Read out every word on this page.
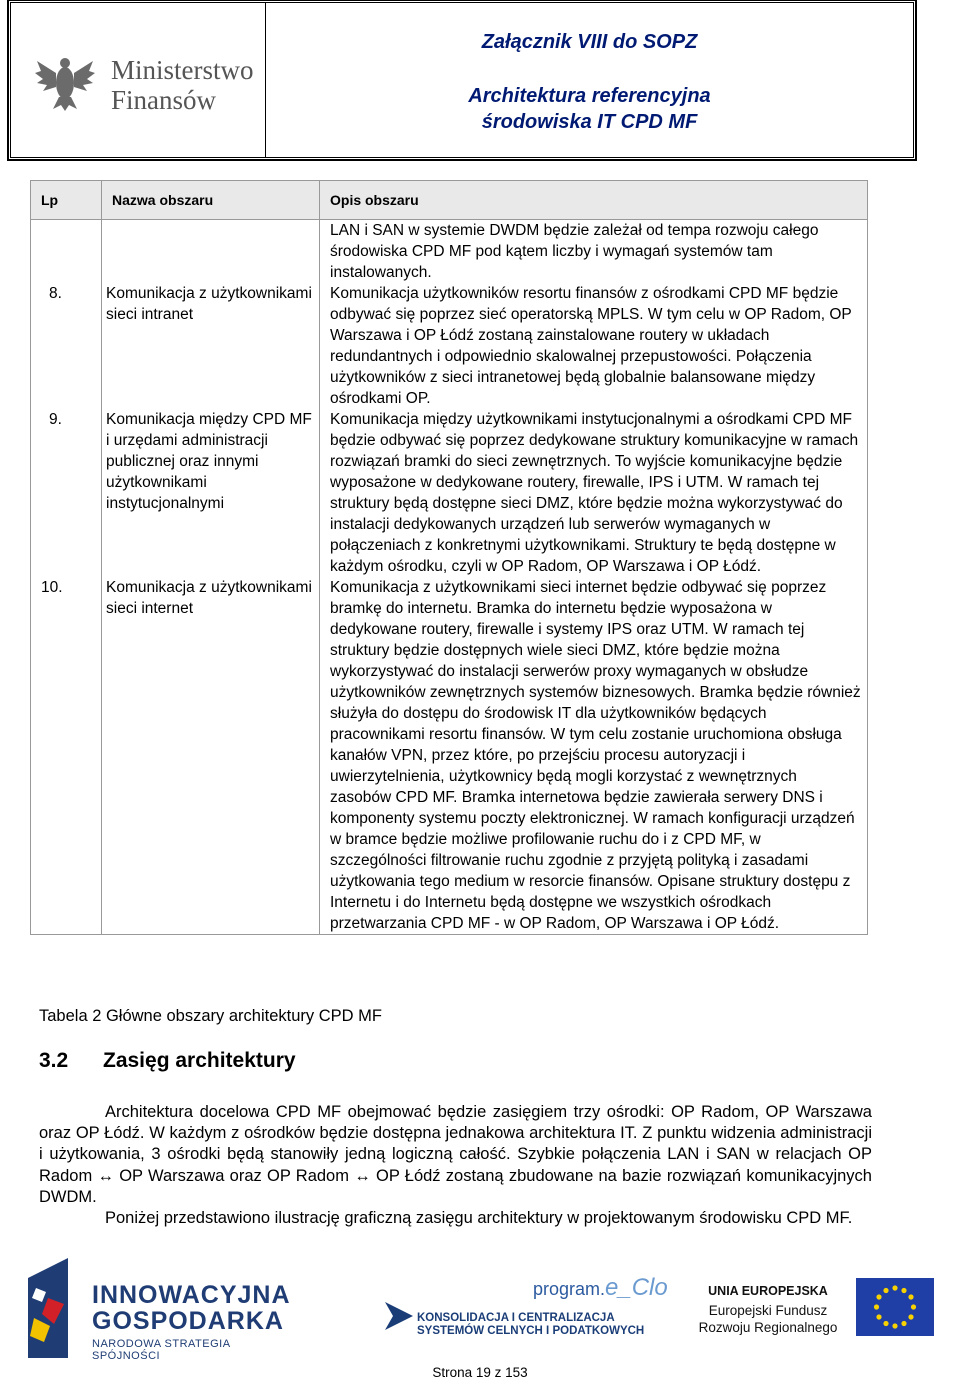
Ministerstwo
Finansów
Załącznik VIII do SOPZ
Architektura referencyjna
środowiska IT CPD MF
Lp	Nazwa obszaru	Opis obszaru
		LAN i SAN w systemie DWDM będzie zależał od tempa rozwoju całego środowiska CPD MF pod kątem liczby i wymagań systemów tam instalowanych.
8.	Komunikacja z użytkownikami sieci intranet	Komunikacja użytkowników resortu finansów z ośrodkami CPD MF będzie odbywać się poprzez sieć operatorską MPLS. W tym celu w OP Radom, OP Warszawa i OP Łódź zostaną zainstalowane routery w układach redundantnych i odpowiednio skalowalnej przepustowości. Połączenia użytkowników z sieci intranetowej będą globalnie balansowane między ośrodkami OP.
9.	Komunikacja między CPD MF i urzędami administracji publicznej oraz innymi użytkownikami instytucjonalnymi	Komunikacja między użytkownikami instytucjonalnymi a ośrodkami CPD MF będzie odbywać się poprzez dedykowane struktury komunikacyjne w ramach rozwiązań bramki do sieci zewnętrznych. To wyjście komunikacyjne będzie wyposażone w dedykowane routery, firewalle, IPS i UTM. W ramach tej struktury będą dostępne sieci DMZ, które będzie można wykorzystywać do instalacji dedykowanych urządzeń lub serwerów wymaganych w połączeniach z konkretnymi użytkownikami. Struktury te będą dostępne w każdym ośrodku, czyli w OP Radom, OP Warszawa i OP Łódź.
10.	Komunikacja z użytkownikami sieci internet	Komunikacja z użytkownikami sieci internet będzie odbywać się poprzez bramkę do internetu. Bramka do internetu będzie wyposażona w dedykowane routery, firewalle i systemy IPS oraz UTM. W ramach tej struktury będzie dostępnych wiele sieci DMZ, które będzie można wykorzystywać do instalacji serwerów proxy wymaganych w obsłudze użytkowników zewnętrznych systemów biznesowych. Bramka będzie również służyła do dostępu do środowisk IT dla użytkowników będących pracownikami resortu finansów. W tym celu zostanie uruchomiona obsługa kanałów VPN, przez które, po przejściu procesu autoryzacji i uwierzytelnienia, użytkownicy będą mogli korzystać z wewnętrznych zasobów CPD MF. Bramka internetowa będzie zawierała serwery DNS i komponenty systemu poczty elektronicznej. W ramach konfiguracji urządzeń w bramce będzie możliwe profilowanie ruchu do i z CPD MF, w szczególności filtrowanie ruchu zgodnie z przyjętą polityką i zasadami użytkowania tego medium w resorcie finansów. Opisane struktury dostępu z Internetu i do Internetu będą dostępne we wszystkich ośrodkach przetwarzania CPD MF - w OP Radom, OP Warszawa i OP Łódź.
Tabela 2 Główne obszary architektury CPD MF
3.2 Zasięg architektury
Architektura docelowa CPD MF obejmować będzie zasięgiem trzy ośrodki: OP Radom, OP Warszawa oraz OP Łódź. W każdym z ośrodków będzie dostępna jednakowa architektura IT. Z punktu widzenia administracji i użytkowania, 3 ośrodki będą stanowiły jedną logiczną całość. Szybkie połączenia LAN i SAN w relacjach OP Radom ↔ OP Warszawa oraz OP Radom ↔ OP Łódź zostaną zbudowane na bazie rozwiązań komunikacyjnych DWDM.
Poniżej przedstawiono ilustrację graficzną zasięgu architektury w projektowanym środowisku CPD MF.
INNOWACYJNA
GOSPODARKA
NARODOWA STRATEGIA SPÓJNOŚCI
program.e_Clo
KONSOLIDACJA I CENTRALIZACJA
SYSTEMÓW CELNYCH I PODATKOWYCH
UNIA EUROPEJSKA
Europejski Fundusz
Rozwoju Regionalnego
Strona 19 z 153
